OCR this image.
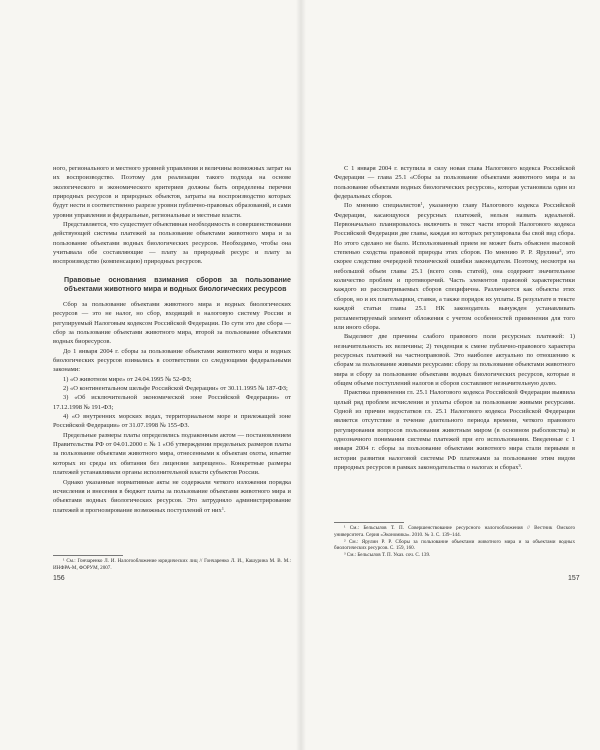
ного, регионального и местного уровней управления и величины возможных затрат на их воспроизводство. Поэтому для реализации такого подхода на основе экологического и экономического критериев должны быть определены перечни природных ресурсов и природных объектов, затраты на воспроизводство которых будут нести в соответственно разрезе уровни публично-правовых образований, и сами уровни управления и федеральные, региональные и местные власти.

Представляется, что существует объективная необходимость в совершенствовании действующей системы платежей за пользование объектами животного мира и за пользование объектами водных биологических ресурсов. Необходимо, чтобы она учитывала обе составляющие — плату за природный ресурс и плату за воспроизводство (компенсацию) природных ресурсов.

Правовые основания взимания сборов за пользование объектами животного мира и водных биологических ресурсов

Сбор за пользование объектами животного мира и водных биологических ресурсов — это не налог, но сбор, входящий в налоговую систему России и регулируемый Налоговым кодексом Российской Федерации. По сути это две сбора — сбор за пользование объектами животного мира, второй за пользование объектами водных биоресурсов.

До 1 января 2004 г. сборы за пользование объектами животного мира и водных биологических ресурсов взимались в соответствии со следующими федеральными законами:

1) «О животном мире» от 24.04.1995 № 52-ФЗ;

2) «О континентальном шельфе Российской Федерации» от 30.11.1995 № 187-ФЗ;

3) «Об исключительной экономической зоне Российской Федерации» от 17.12.1998 № 191-ФЗ;

4) «О внутренних морских водах, территориальном море и прилежащей зоне Российской Федерации» от 31.07.1998 № 155-ФЗ.

Предельные размеры платы определялись подзаконным актом — постановлением Правительства РФ от 04.01.2000 г. № 1 «Об утверждении предельных размеров платы за пользование объектами животного мира, отнесенными к объектам охоты, изъятие которых из среды их обитания без лицензии запрещено». Конкретные размеры платежей устанавливали органы исполнительной власти субъектов России.

Однако указанные нормативные акты не содержали четкого изложения порядка исчисления и внесения в бюджет платы за пользование объектами животного мира и объектами водных биологических ресурсов. Это затрудняло администрирование платежей и прогнозирование возможных поступлений от них$^1$.

¹ См.: Гончаренко Л. И. Налогообложение юридических лиц // Гончаренко Л. И., Кашурина М. В. М.: ИНФРА-М, ФОРУМ, 2007.

156

С 1 января 2004 г. вступила в силу новая глава Налогового кодекса Российской Федерации — глава 25.1 «Сборы за пользование объектами животного мира и за пользование объектами водных биологических ресурсов», которая установила один из федеральных сборов.

По мнению специалистов$^1$, указанную главу Налогового кодекса Российской Федерации, касающуюся ресурсных платежей, нельзя назвать идеальной. Первоначально планировалось включить в текст части второй Налогового кодекса Российской Федерации две главы, каждая из которых регулировала бы свой вид сбора. Но этого сделано не было. Использованный прием не может быть объяснен высокой степенью сходства правовой природы этих сборов. По мнению Р. Р. Ярулина$^2$, это скорее следствие очередной технической ошибки законодателя. Поэтому, несмотря на небольшой объем главы 25.1 (всего семь статей), она содержит значительное количество проблем и противоречий. Часть элементов правовой характеристики каждого из рассматриваемых сборов специфична. Различаются как объекты этих сборов, но и их плательщики, ставки, а также порядок их уплаты. В результате в тексте каждой статьи главы 25.1 НК законодатель вынужден устанавливать регламентируемый элемент обложения с учетом особенностей применения для того или иного сбора.

Выделяют две причины слабого правового поля ресурсных платежей: 1) незначительность их величины; 2) тенденция к смене публично-правового характера ресурсных платежей на частноправовой. Это наиболее актуально по отношению к сборам за пользование живыми ресурсами: сбору за пользование объектами животного мира и сбору за пользование объектами водных биологических ресурсов, которые в общем объеме поступлений налогов и сборов составляют незначительную долю.

Практика применения гл. 25.1 Налогового кодекса Российской Федерации выявила целый ряд проблем исчисления и уплаты сборов за пользование живыми ресурсами. Одной из причин недостатков гл. 25.1 Налогового кодекса Российской Федерации является отсутствие в течение длительного периода времени, четкого правового регулирования вопросов пользования животным миром (в основном рыболовства) и однозначного понимания системы платежей при его использовании. Введенные с 1 января 2004 г. сборы за пользование объектами животного мира стали первыми в истории развития налоговой системы РФ платежами за пользование этим видом природных ресурсов в рамках законодательства о налогах и сборах$^3$.

¹ См.: Бельсылов Т. П. Совершенствование ресурсного налогообложения // Вестник Омского университета. Серия «Экономика». 2010. № 3. С. 139–144.

² См.: Ярулин Р. Р. Сборы за пользование объектами животного мира и за объектами водных биологических ресурсов. С. 159, 160.

³ См.: Бельсылов Т. П. Указ. соч. С. 139.

157
